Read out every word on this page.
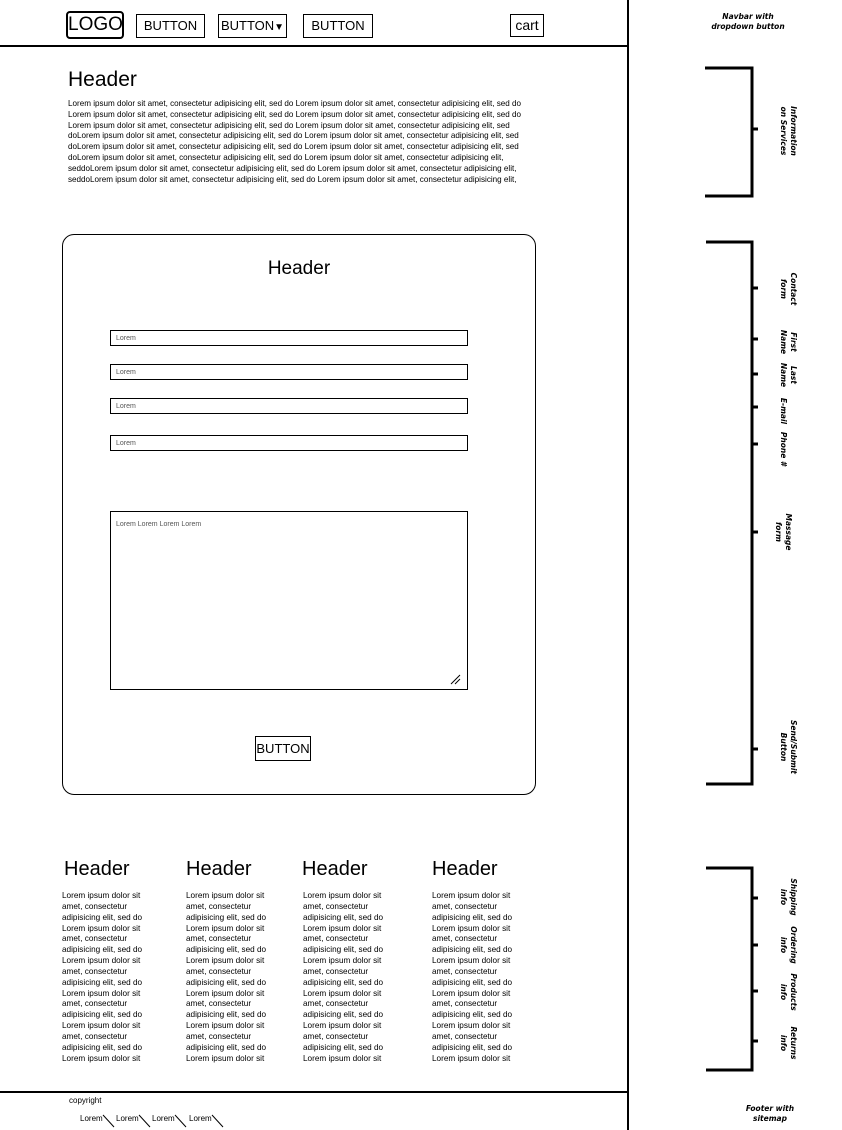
LOGO	BUTTON	BUTTON▼	BUTTON	cart
Header
Lorem ipsum dolor sit amet, consectetur adipisicing elit, sed do Lorem ipsum dolor sit amet, consectetur adipisicing elit, sed do
Lorem ipsum dolor sit amet, consectetur adipisicing elit, sed do Lorem ipsum dolor sit amet, consectetur adipisicing elit, sed do
Lorem ipsum dolor sit amet, consectetur adipisicing elit, sed do Lorem ipsum dolor sit amet, consectetur adipisicing elit, sed
doLorem ipsum dolor sit amet, consectetur adipisicing elit, sed do Lorem ipsum dolor sit amet, consectetur adipisicing elit, sed
doLorem ipsum dolor sit amet, consectetur adipisicing elit, sed do Lorem ipsum dolor sit amet, consectetur adipisicing elit, sed
doLorem ipsum dolor sit amet, consectetur adipisicing elit, sed do Lorem ipsum dolor sit amet, consectetur adipisicing elit,
seddoLorem ipsum dolor sit amet, consectetur adipisicing elit, sed do Lorem ipsum dolor sit amet, consectetur adipisicing elit,
seddoLorem ipsum dolor sit amet, consectetur adipisicing elit, sed do Lorem ipsum dolor sit amet, consectetur adipisicing elit,
Header
Lorem
Lorem
Lorem
Lorem
Lorem Lorem Lorem Lorem
BUTTON
Header	Header	Header	Header
Lorem ipsum dolor sit
amet, consectetur
adipisicing elit, sed do
Lorem ipsum dolor sit
amet, consectetur
adipisicing elit, sed do
Lorem ipsum dolor sit
amet, consectetur
adipisicing elit, sed do
Lorem ipsum dolor sit
amet, consectetur
adipisicing elit, sed do
Lorem ipsum dolor sit
amet, consectetur
adipisicing elit, sed do
Lorem ipsum dolor sit
Lorem ipsum dolor sit
amet, consectetur
adipisicing elit, sed do
Lorem ipsum dolor sit
amet, consectetur
adipisicing elit, sed do
Lorem ipsum dolor sit
amet, consectetur
adipisicing elit, sed do
Lorem ipsum dolor sit
amet, consectetur
adipisicing elit, sed do
Lorem ipsum dolor sit
amet, consectetur
adipisicing elit, sed do
Lorem ipsum dolor sit
Lorem ipsum dolor sit
amet, consectetur
adipisicing elit, sed do
Lorem ipsum dolor sit
amet, consectetur
adipisicing elit, sed do
Lorem ipsum dolor sit
amet, consectetur
adipisicing elit, sed do
Lorem ipsum dolor sit
amet, consectetur
adipisicing elit, sed do
Lorem ipsum dolor sit
amet, consectetur
adipisicing elit, sed do
Lorem ipsum dolor sit
Lorem ipsum dolor sit
amet, consectetur
adipisicing elit, sed do
Lorem ipsum dolor sit
amet, consectetur
adipisicing elit, sed do
Lorem ipsum dolor sit
amet, consectetur
adipisicing elit, sed do
Lorem ipsum dolor sit
amet, consectetur
adipisicing elit, sed do
Lorem ipsum dolor sit
amet, consectetur
adipisicing elit, sed do
Lorem ipsum dolor sit
copyright
Lorem Lorem Lorem Lorem
Navbar with
dropdown button
Information on Services
Contact
form
First
Name
Last
Name
E-mail
Phone #
Massage form
Send/Submit
Button
Shipping
info
Ordering
info
Products
info
Returns
info
Footer with
sitemap
